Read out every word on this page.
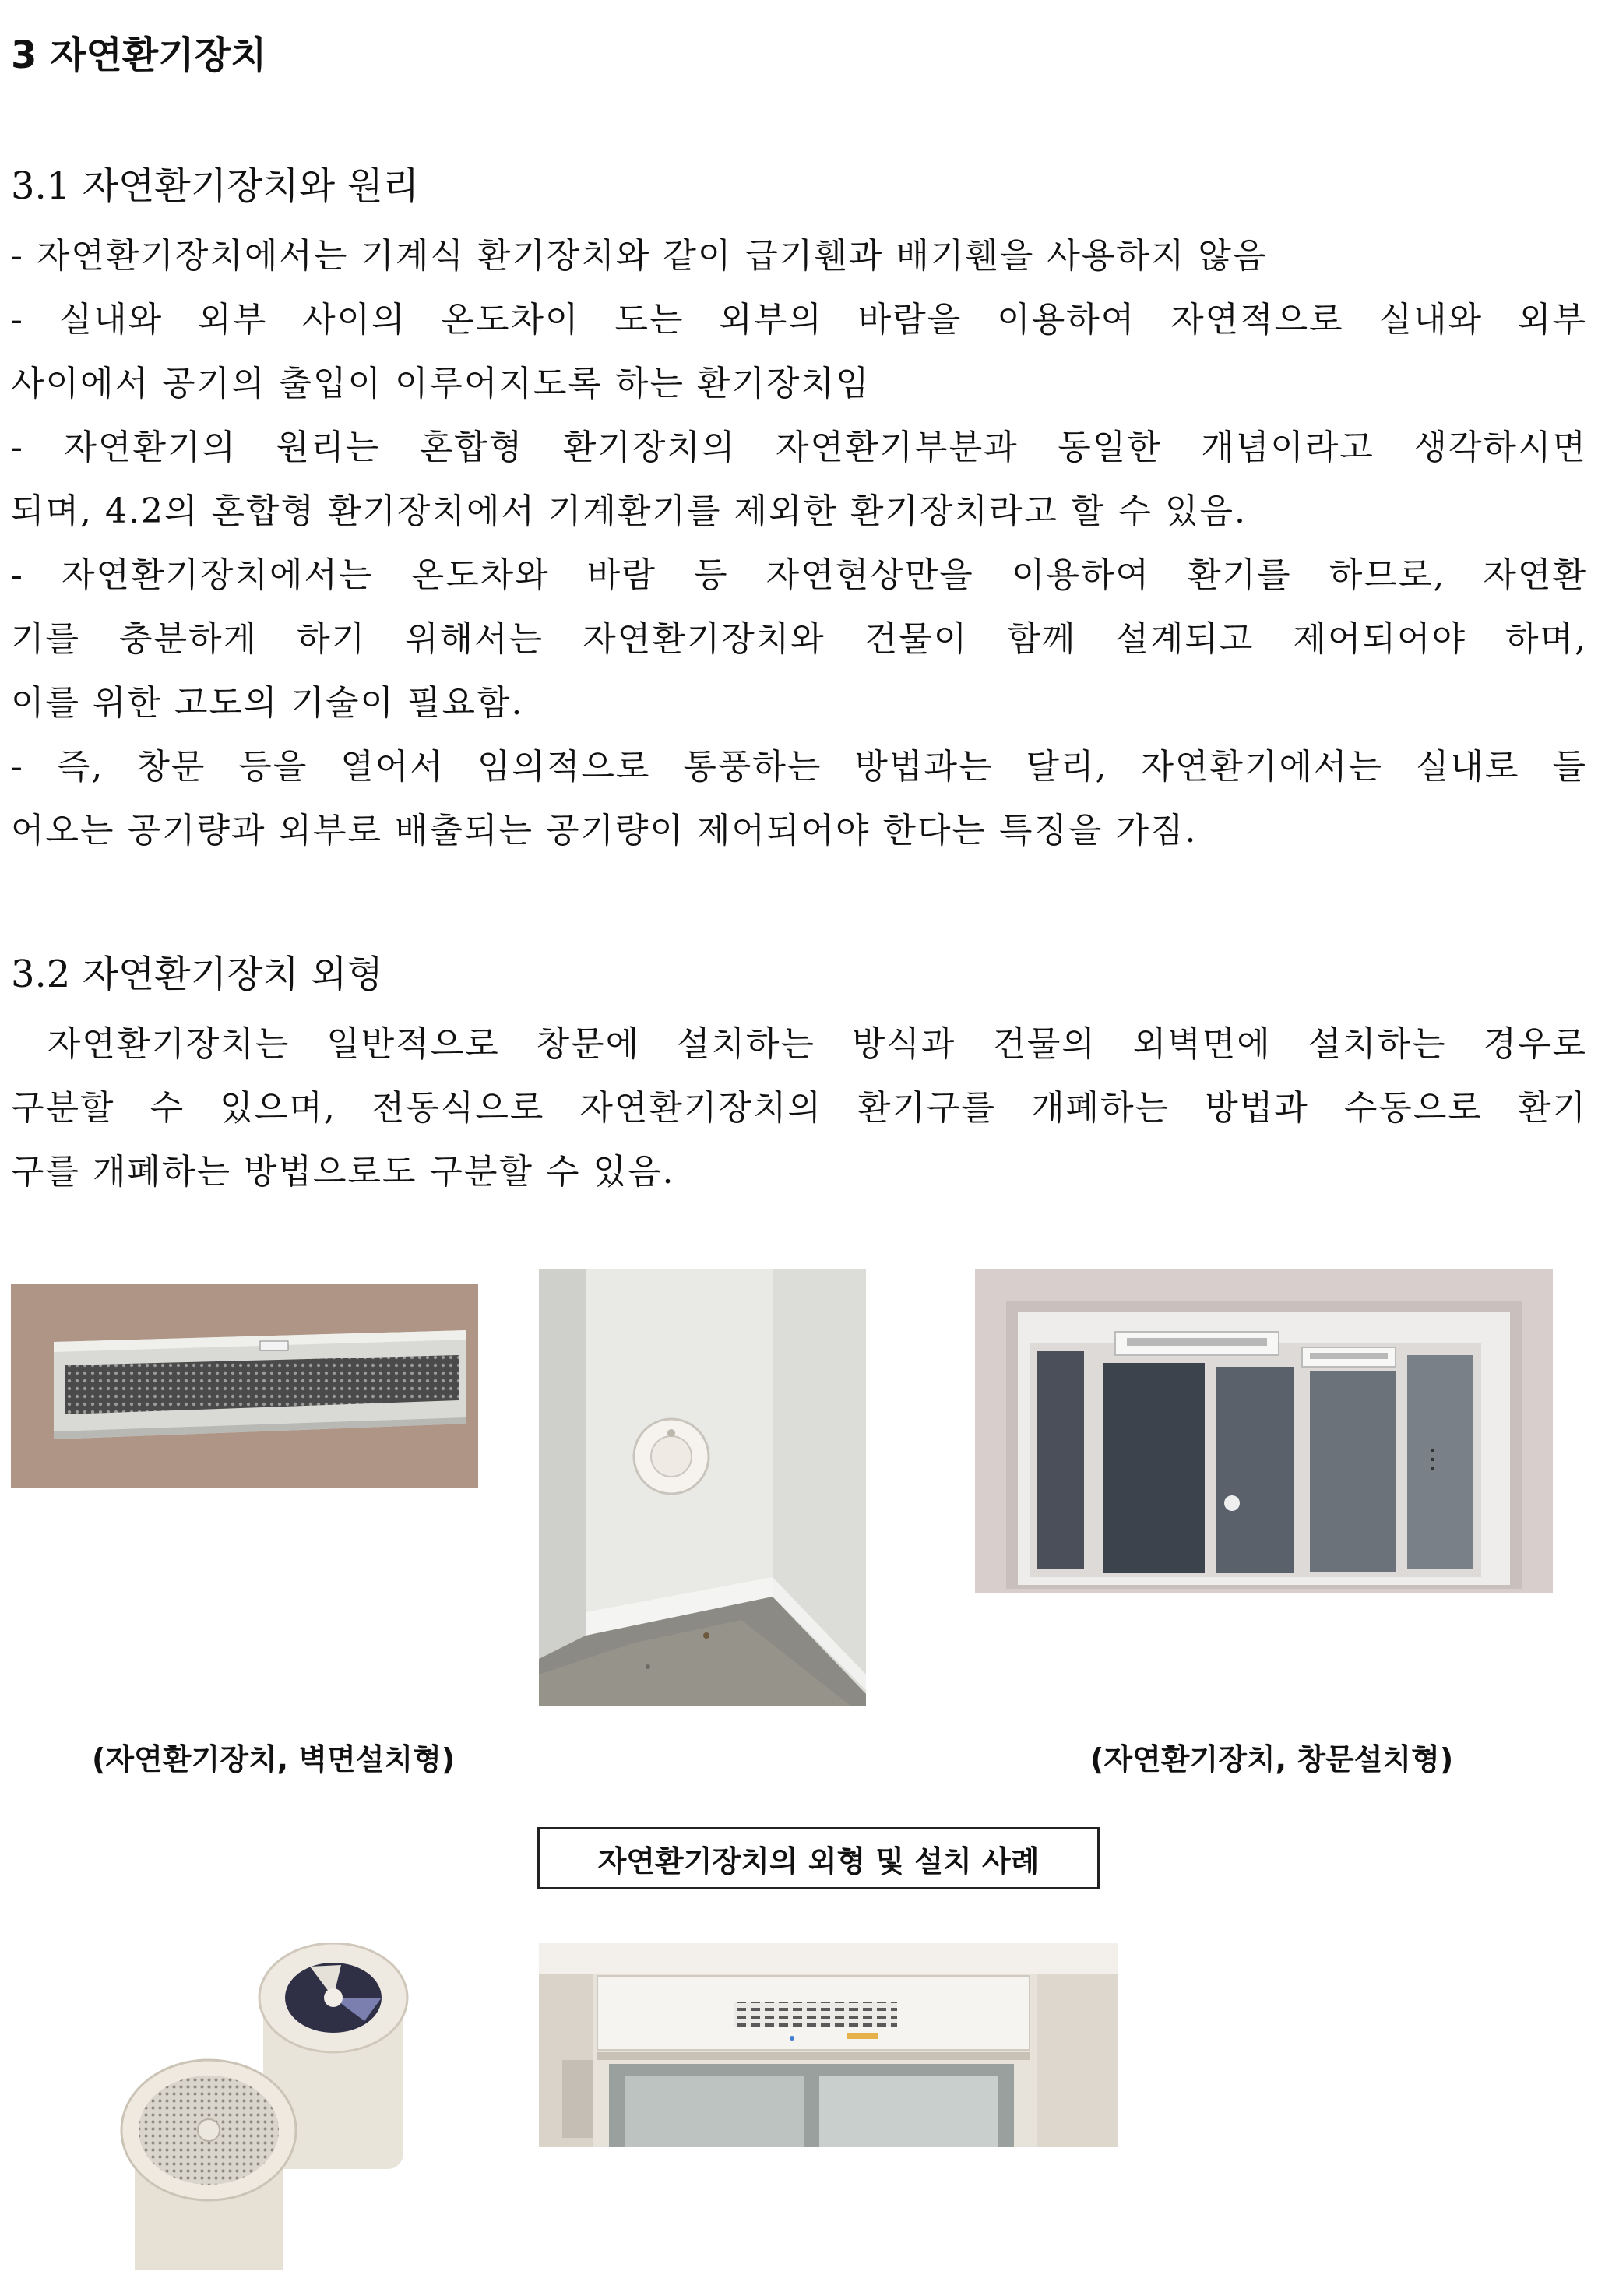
3 자연환기장치
3.1 자연환기장치와 원리
- 자연환기장치에서는 기계식 환기장치와 같이 급기휀과 배기휀을 사용하지 않음
- 실내와 외부 사이의 온도차이 도는 외부의 바람을 이용하여 자연적으로 실내와 외부
사이에서 공기의 출입이 이루어지도록 하는 환기장치임
- 자연환기의 원리는 혼합형 환기장치의 자연환기부분과 동일한 개념이라고 생각하시면
되며, 4.2의 혼합형 환기장치에서 기계환기를 제외한 환기장치라고 할 수 있음.
- 자연환기장치에서는 온도차와 바람 등 자연현상만을 이용하여 환기를 하므로, 자연환
기를 충분하게 하기 위해서는 자연환기장치와 건물이 함께 설계되고 제어되어야 하며,
이를 위한 고도의 기술이 필요함.
- 즉, 창문 등을 열어서 임의적으로 통풍하는 방법과는 달리, 자연환기에서는 실내로 들
어오는 공기량과 외부로 배출되는 공기량이 제어되어야 한다는 특징을 가짐.
3.2 자연환기장치 외형
자연환기장치는 일반적으로 창문에 설치하는 방식과 건물의 외벽면에 설치하는 경우로
구분할 수 있으며, 전동식으로 자연환기장치의 환기구를 개폐하는 방법과 수동으로 환기
구를 개폐하는 방법으로도 구분할 수 있음.
(자연환기장치, 벽면설치형)	(자연환기장치, 창문설치형)
자연환기장치의 외형 및 설치 사례
